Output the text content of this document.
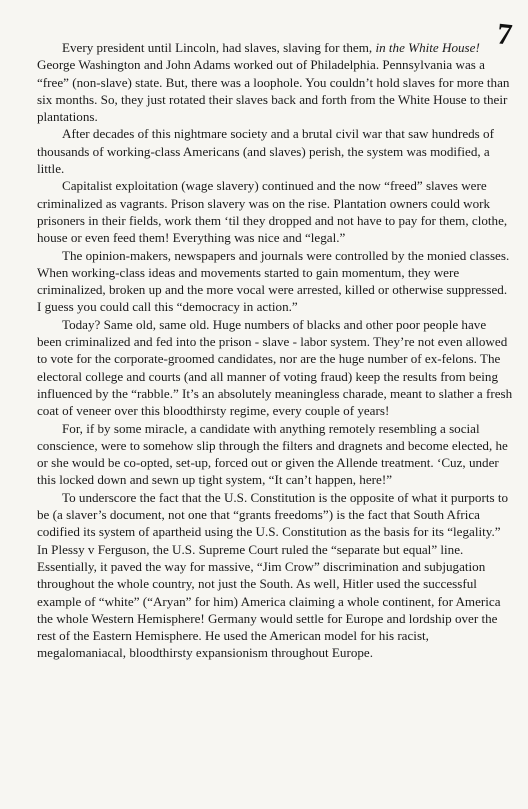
7

Every president until Lincoln, had slaves, slaving for them, in the White House! George Washington and John Adams worked out of Philadelphia. Pennsylvania was a “free” (non-slave) state. But, there was a loophole. You couldn’t hold slaves for more than six months. So, they just rotated their slaves back and forth from the White House to their plantations.

After decades of this nightmare society and a brutal civil war that saw hundreds of thousands of working-class Americans (and slaves) perish, the system was modified, a little.

Capitalist exploitation (wage slavery) continued and the now “freed” slaves were criminalized as vagrants. Prison slavery was on the rise. Plantation owners could work prisoners in their fields, work them ‘til they dropped and not have to pay for them, clothe, house or even feed them! Everything was nice and “legal.”

The opinion-makers, newspapers and journals were controlled by the monied classes. When working-class ideas and movements started to gain momentum, they were criminalized, broken up and the more vocal were arrested, killed or otherwise suppressed. I guess you could call this “democracy in action.”

Today? Same old, same old. Huge numbers of blacks and other poor people have been criminalized and fed into the prison - slave - labor system. They’re not even allowed to vote for the corporate-groomed candidates, nor are the huge number of ex-felons. The electoral college and courts (and all manner of voting fraud) keep the results from being influenced by the “rabble.” It’s an absolutely meaningless charade, meant to slather a fresh coat of veneer over this bloodthirsty regime, every couple of years!

For, if by some miracle, a candidate with anything remotely resembling a social conscience, were to somehow slip through the filters and dragnets and become elected, he or she would be co-opted, set-up, forced out or given the Allende treatment. ‘Cuz, under this locked down and sewn up tight system, “It can’t happen, here!”

To underscore the fact that the U.S. Constitution is the opposite of what it purports to be (a slaver’s document, not one that “grants freedoms”) is the fact that South Africa codified its system of apartheid using the U.S. Constitution as the basis for its “legality.” In Plessy v Ferguson, the U.S. Supreme Court ruled the “separate but equal” line. Essentially, it paved the way for massive, “Jim Crow” discrimination and subjugation throughout the whole country, not just the South. As well, Hitler used the successful example of “white” (“Aryan” for him) America claiming a whole continent, for America the whole Western Hemisphere! Germany would settle for Europe and lordship over the rest of the Eastern Hemisphere. He used the American model for his racist, megalomaniacal, bloodthirsty expansionism throughout Europe.
